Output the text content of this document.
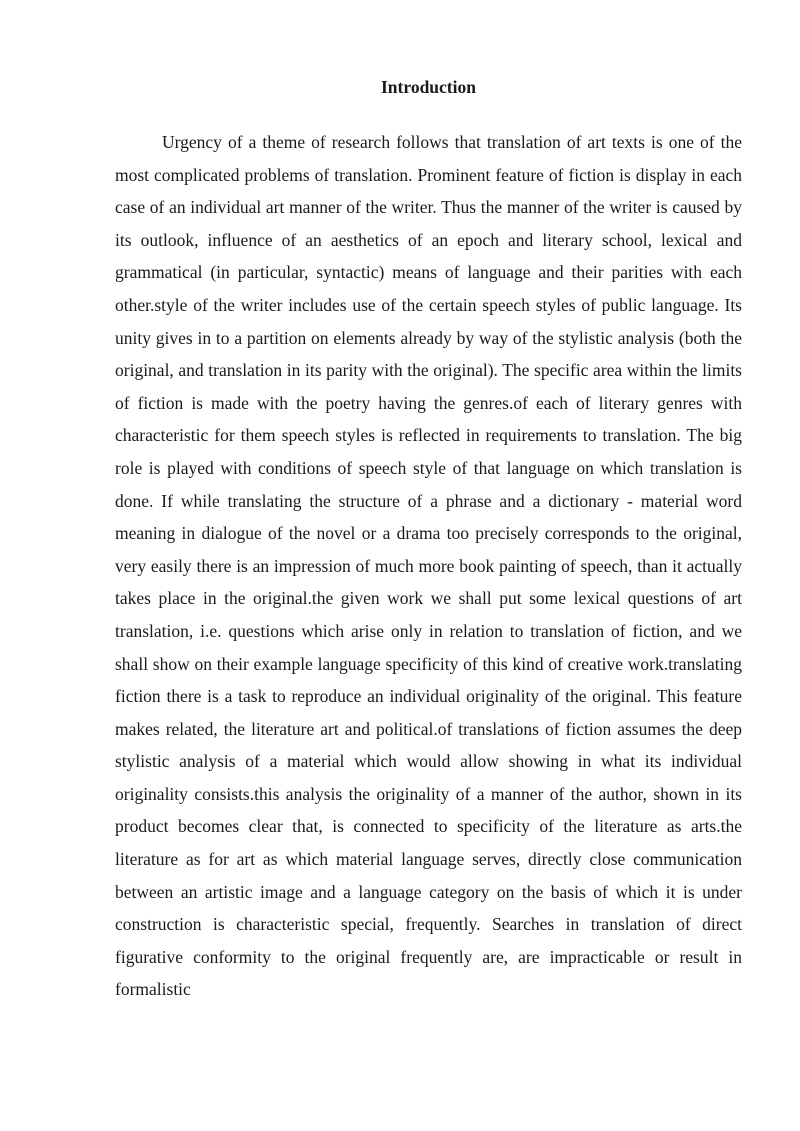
Introduction

Urgency of a theme of research follows that translation of art texts is one of the most complicated problems of translation. Prominent feature of fiction is display in each case of an individual art manner of the writer. Thus the manner of the writer is caused by its outlook, influence of an aesthetics of an epoch and literary school, lexical and grammatical (in particular, syntactic) means of language and their parities with each other.style of the writer includes use of the certain speech styles of public language. Its unity gives in to a partition on elements already by way of the stylistic analysis (both the original, and translation in its parity with the original). The specific area within the limits of fiction is made with the poetry having the genres.of each of literary genres with characteristic for them speech styles is reflected in requirements to translation. The big role is played with conditions of speech style of that language on which translation is done. If while translating the structure of a phrase and a dictionary - material word meaning in dialogue of the novel or a drama too precisely corresponds to the original, very easily there is an impression of much more book painting of speech, than it actually takes place in the original.the given work we shall put some lexical questions of art translation, i.e. questions which arise only in relation to translation of fiction, and we shall show on their example language specificity of this kind of creative work.translating fiction there is a task to reproduce an individual originality of the original. This feature makes related, the literature art and political.of translations of fiction assumes the deep stylistic analysis of a material which would allow showing in what its individual originality consists.this analysis the originality of a manner of the author, shown in its product becomes clear that, is connected to specificity of the literature as arts.the literature as for art as which material language serves, directly close communication between an artistic image and a language category on the basis of which it is under construction is characteristic special, frequently. Searches in translation of direct figurative conformity to the original frequently are, are impracticable or result in formalistic
